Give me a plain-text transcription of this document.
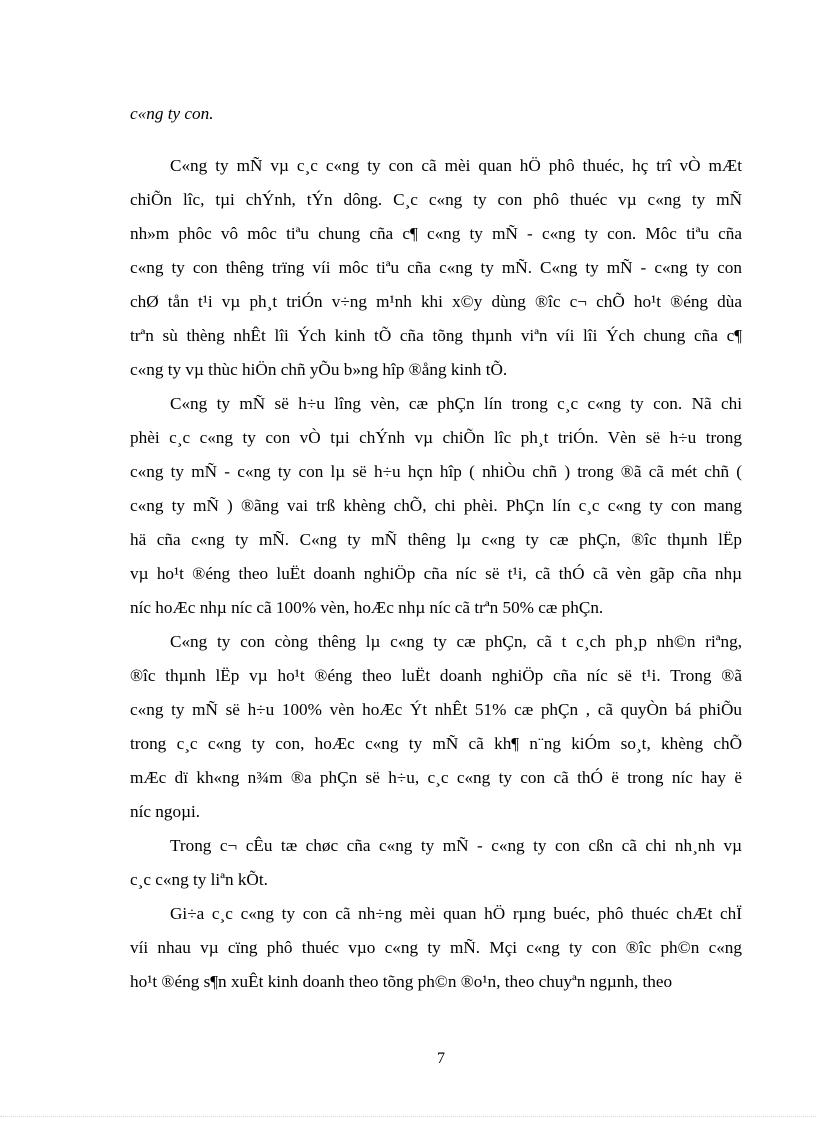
c«ng ty con.
C«ng ty mÑ vµ c¸c c«ng ty con cã mèi quan hÖ phô thuéc, hç trî vÒ mÆt
chiÕn lîc, tµi chÝnh, tÝn dông. C¸c c«ng ty con phô thuéc vµ c«ng ty mÑ
nh»m phôc vô môc tiªu chung cña c¶ c«ng ty mÑ - c«ng ty con. Môc tiªu cña
c«ng ty con thêng trïng víi môc tiªu cña c«ng ty mÑ. C«ng ty mÑ - c«ng ty con
chØ tån t¹i vµ ph¸t triÓn v÷ng m¹nh khi x©y dùng ®îc c¬ chÕ ho¹t ®éng dùa
trªn sù thèng nhÊt lîi Ých kinh tÕ cña tõng thµnh viªn víi lîi Ých chung cña c¶
c«ng ty vµ thùc hiÖn chñ yÕu b»ng hîp ®ång kinh tÕ.
C«ng ty mÑ së h÷u lîng vèn, cæ phÇn lín trong c¸c c«ng ty con. Nã chi
phèi c¸c c«ng ty con vÒ tµi chÝnh vµ chiÕn lîc ph¸t triÓn. Vèn së h÷u trong
c«ng ty mÑ - c«ng ty con lµ së h÷u hçn hîp ( nhiÒu chñ ) trong ®ã cã mét chñ (
c«ng ty mÑ ) ®ãng vai trß khèng chÕ, chi phèi. PhÇn lín c¸c c«ng ty con mang
hä cña c«ng ty mÑ. C«ng ty mÑ thêng lµ c«ng ty cæ phÇn, ®îc thµnh lËp
vµ ho¹t ®éng theo luËt doanh nghiÖp cña níc së t¹i, cã thÓ cã vèn gãp cña nhµ
níc hoÆc nhµ níc cã 100% vèn, hoÆc nhµ níc cã trªn 50% cæ phÇn.
C«ng ty con còng thêng lµ c«ng ty cæ phÇn, cã t c¸ch ph¸p nh©n riªng,
®îc thµnh lËp vµ ho¹t ®éng theo luËt doanh nghiÖp cña níc së t¹i. Trong ®ã
c«ng ty mÑ së h÷u 100% vèn hoÆc Ýt nhÊt 51% cæ phÇn , cã quyÒn bá phiÕu
trong c¸c c«ng ty con, hoÆc c«ng ty mÑ cã kh¶ n¨ng kiÓm so¸t, khèng chÕ
mÆc dï kh«ng n¾m ®a phÇn së h÷u, c¸c c«ng ty con cã thÓ ë trong níc hay ë
níc ngoµi.
Trong c¬ cÊu tæ chøc cña c«ng ty mÑ - c«ng ty con cßn cã chi nh¸nh vµ
c¸c c«ng ty liªn kÕt.
Gi÷a c¸c c«ng ty con cã nh÷ng mèi quan hÖ rµng buéc, phô thuéc chÆt chÏ
víi nhau vµ cïng phô thuéc vµo c«ng ty mÑ. Mçi c«ng ty con ®îc ph©n c«ng
ho¹t ®éng s¶n xuÊt kinh doanh theo tõng ph©n ®o¹n, theo chuyªn ngµnh, theo
7
